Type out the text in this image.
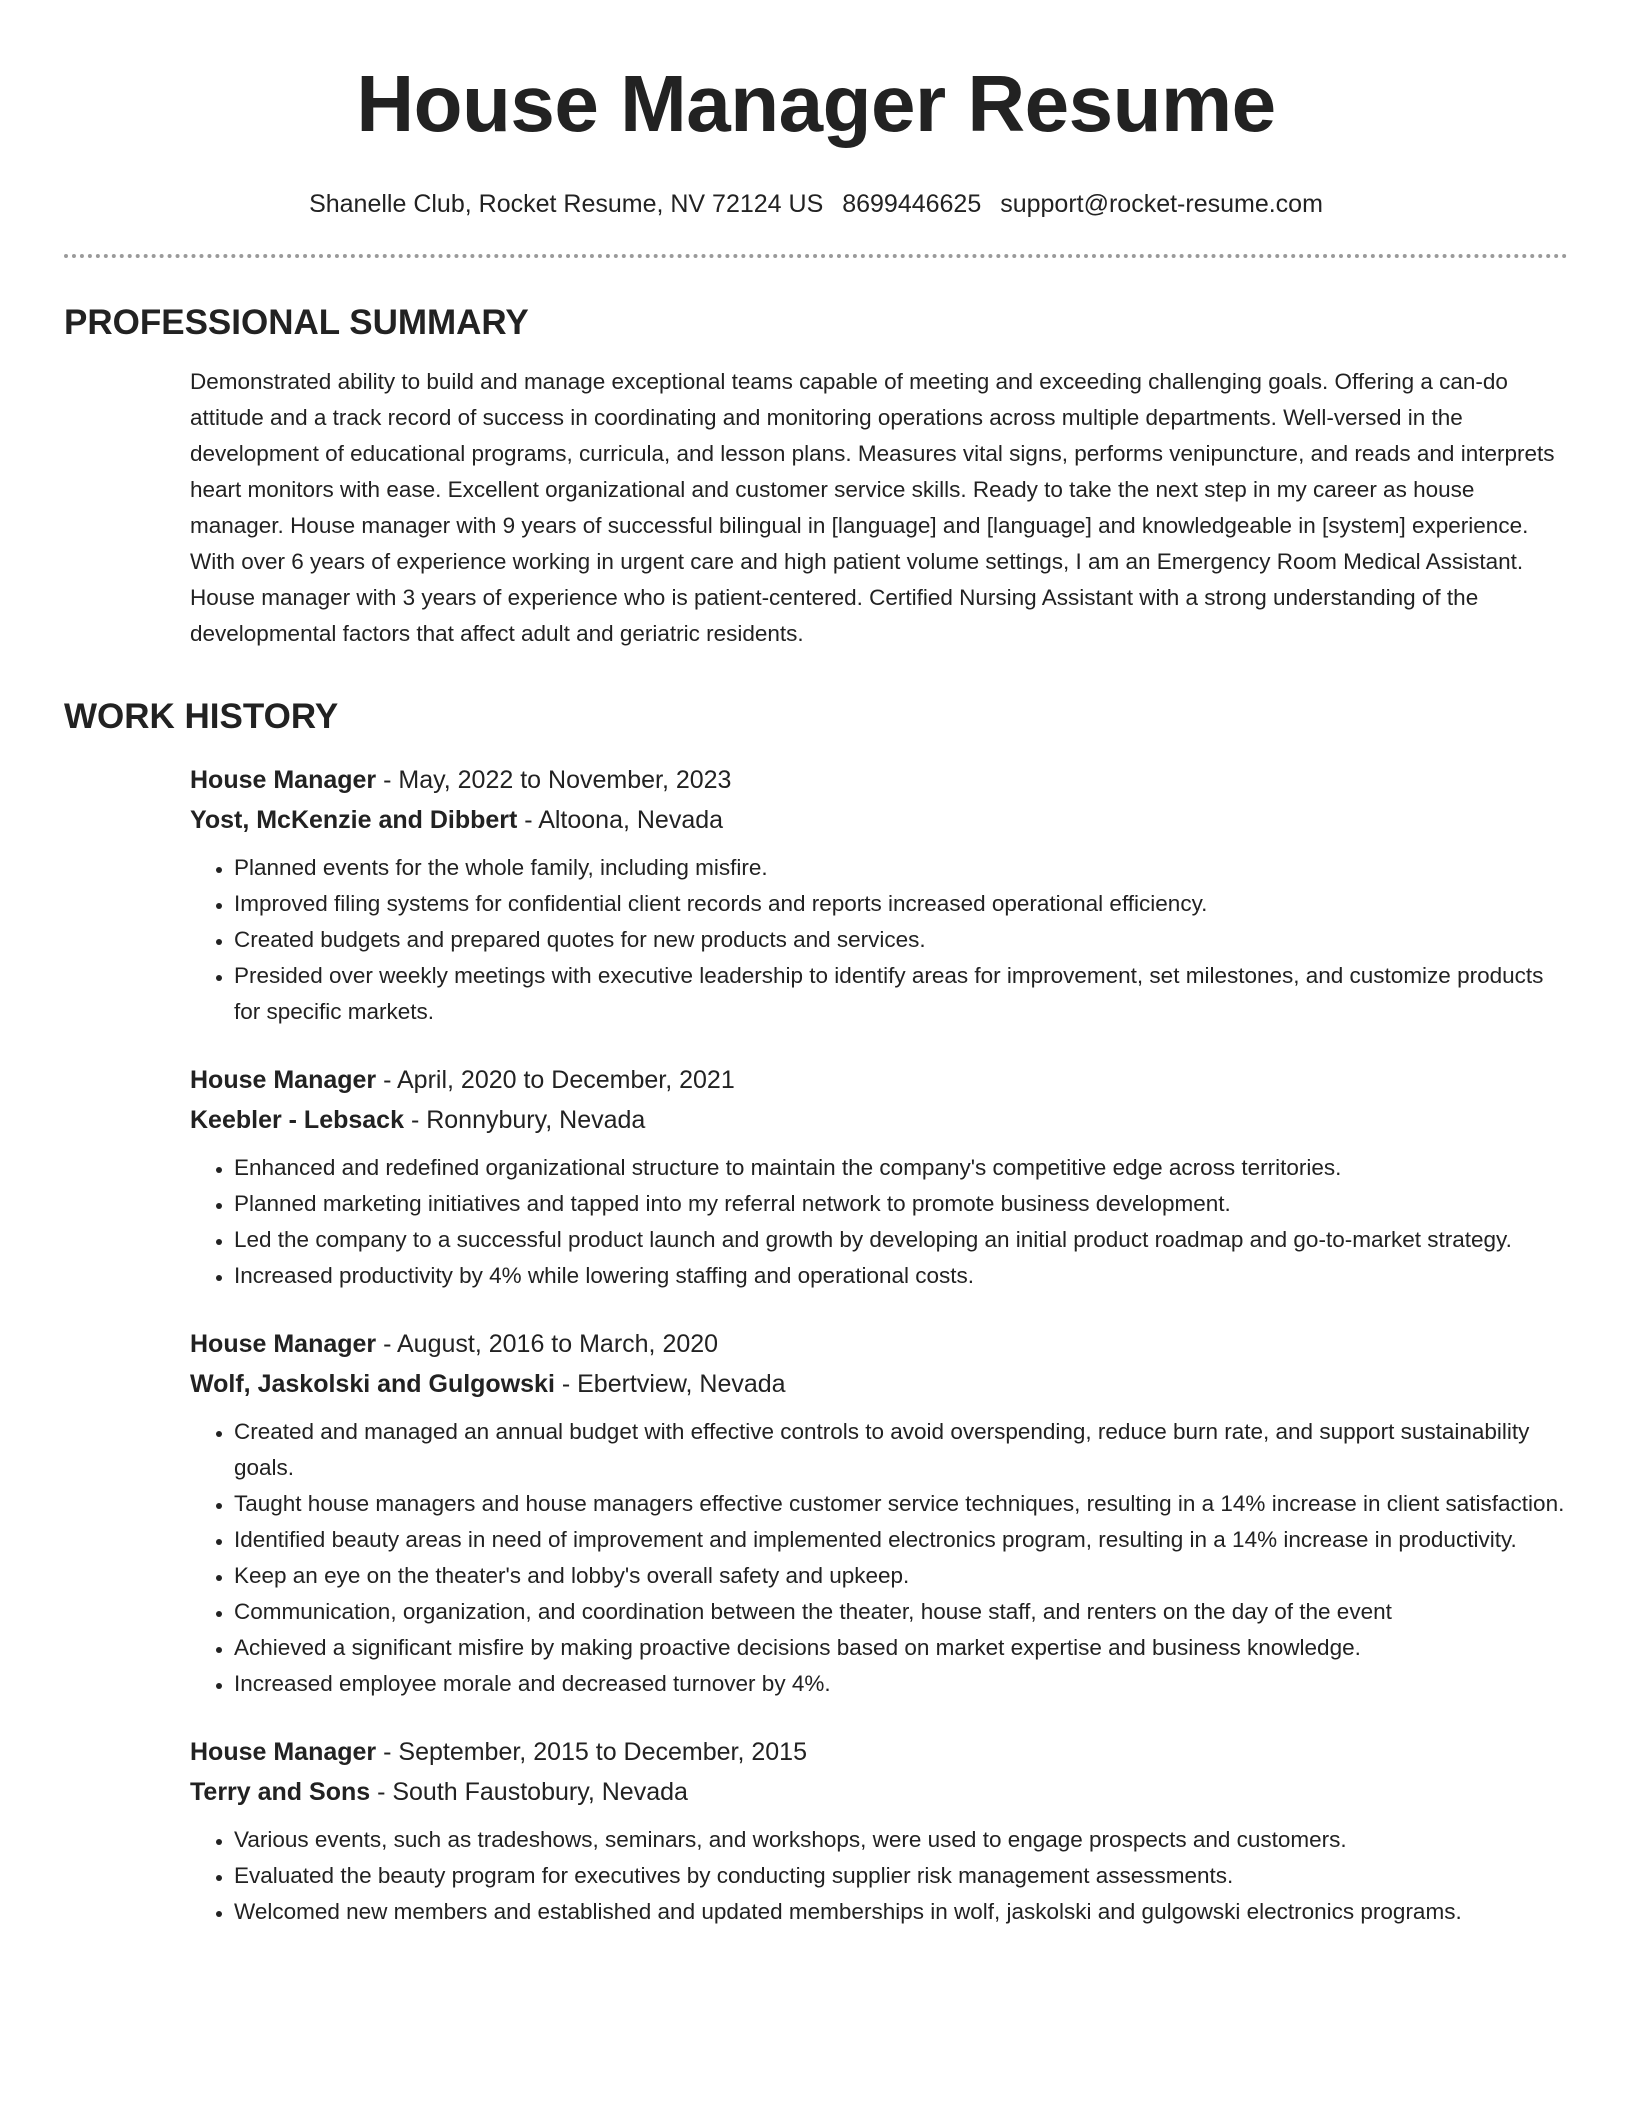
House Manager Resume
Shanelle Club, Rocket Resume, NV 72124 US 8699446625 support@rocket-resume.com
PROFESSIONAL SUMMARY

Demonstrated ability to build and manage exceptional teams capable of meeting and exceeding challenging goals. Offering a can-do attitude and a track record of success in coordinating and monitoring operations across multiple departments. Well-versed in the development of educational programs, curricula, and lesson plans. Measures vital signs, performs venipuncture, and reads and interprets heart monitors with ease. Excellent organizational and customer service skills. Ready to take the next step in my career as house manager. House manager with 9 years of successful bilingual in [language] and [language] and knowledgeable in [system] experience. With over 6 years of experience working in urgent care and high patient volume settings, I am an Emergency Room Medical Assistant. House manager with 3 years of experience who is patient-centered. Certified Nursing Assistant with a strong understanding of the developmental factors that affect adult and geriatric residents.

WORK HISTORY
House Manager - May, 2022 to November, 2023
Yost, McKenzie and Dibbert - Altoona, Nevada
• Planned events for the whole family, including misfire.
• Improved filing systems for confidential client records and reports increased operational efficiency.
• Created budgets and prepared quotes for new products and services.
• Presided over weekly meetings with executive leadership to identify areas for improvement, set milestones, and customize products for specific markets.
House Manager - April, 2020 to December, 2021
Keebler - Lebsack - Ronnybury, Nevada
• Enhanced and redefined organizational structure to maintain the company's competitive edge across territories.
• Planned marketing initiatives and tapped into my referral network to promote business development.
• Led the company to a successful product launch and growth by developing an initial product roadmap and go-to-market strategy.
• Increased productivity by 4% while lowering staffing and operational costs.
House Manager - August, 2016 to March, 2020
Wolf, Jaskolski and Gulgowski - Ebertview, Nevada
• Created and managed an annual budget with effective controls to avoid overspending, reduce burn rate, and support sustainability goals.
• Taught house managers and house managers effective customer service techniques, resulting in a 14% increase in client satisfaction.
• Identified beauty areas in need of improvement and implemented electronics program, resulting in a 14% increase in productivity.
• Keep an eye on the theater's and lobby's overall safety and upkeep.
• Communication, organization, and coordination between the theater, house staff, and renters on the day of the event
• Achieved a significant misfire by making proactive decisions based on market expertise and business knowledge.
• Increased employee morale and decreased turnover by 4%.
House Manager - September, 2015 to December, 2015
Terry and Sons - South Faustobury, Nevada
• Various events, such as tradeshows, seminars, and workshops, were used to engage prospects and customers.
• Evaluated the beauty program for executives by conducting supplier risk management assessments.
• Welcomed new members and established and updated memberships in wolf, jaskolski and gulgowski electronics programs.
